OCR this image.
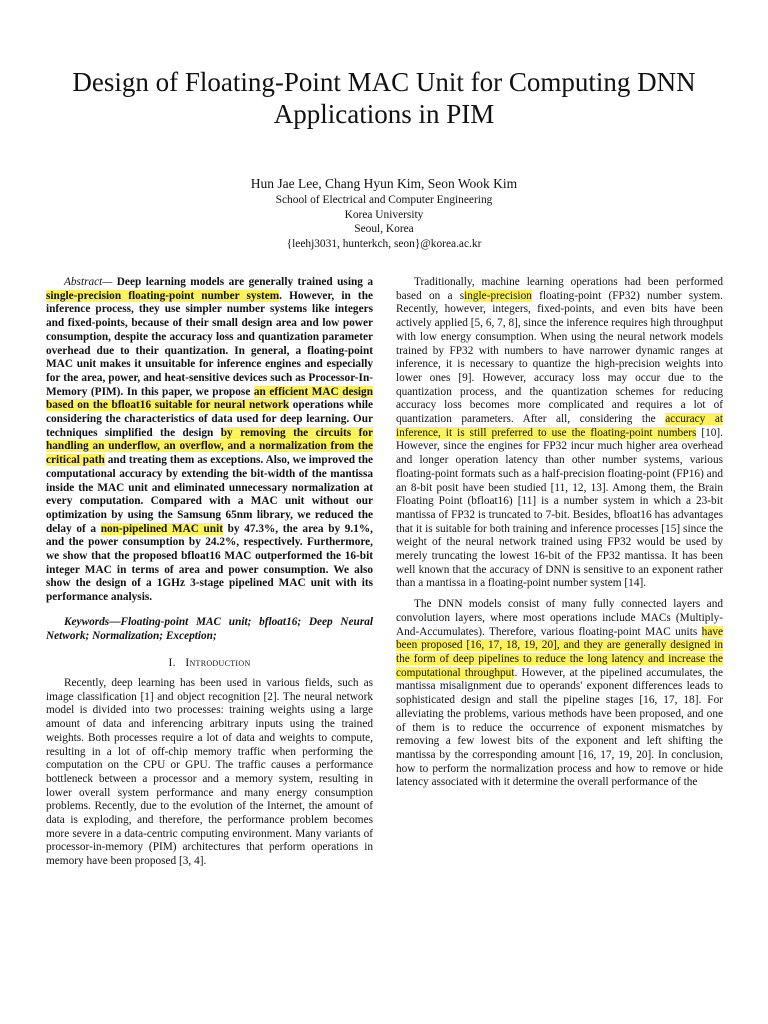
Design of Floating-Point MAC Unit for Computing DNN Applications in PIM
Hun Jae Lee, Chang Hyun Kim, Seon Wook Kim
School of Electrical and Computer Engineering
Korea University
Seoul, Korea
{leehj3031, hunterkch, seon}@korea.ac.kr

Abstract— Deep learning models are generally trained using a single-precision floating-point number system. However, in the inference process, they use simpler number systems like integers and fixed-points, because of their small design area and low power consumption, despite the accuracy loss and quantization parameter overhead due to their quantization. In general, a floating-point MAC unit makes it unsuitable for inference engines and especially for the area, power, and heat-sensitive devices such as Processor-In-Memory (PIM). In this paper, we propose an efficient MAC design based on the bfloat16 suitable for neural network operations while considering the characteristics of data used for deep learning. Our techniques simplified the design by removing the circuits for handling an underflow, an overflow, and a normalization from the critical path and treating them as exceptions. Also, we improved the computational accuracy by extending the bit-width of the mantissa inside the MAC unit and eliminated unnecessary normalization at every computation. Compared with a MAC unit without our optimization by using the Samsung 65nm library, we reduced the delay of a non-pipelined MAC unit by 47.3%, the area by 9.1%, and the power consumption by 24.2%, respectively. Furthermore, we show that the proposed bfloat16 MAC outperformed the 16-bit integer MAC in terms of area and power consumption. We also show the design of a 1GHz 3-stage pipelined MAC unit with its performance analysis.

Keywords—Floating-point MAC unit; bfloat16; Deep Neural Network; Normalization; Exception;

I. Introduction

Recently, deep learning has been used in various fields, such as image classification [1] and object recognition [2]. The neural network model is divided into two processes: training weights using a large amount of data and inferencing arbitrary inputs using the trained weights. Both processes require a lot of data and weights to compute, resulting in a lot of off-chip memory traffic when performing the computation on the CPU or GPU. The traffic causes a performance bottleneck between a processor and a memory system, resulting in lower overall system performance and many energy consumption problems. Recently, due to the evolution of the Internet, the amount of data is exploding, and therefore, the performance problem becomes more severe in a data-centric computing environment. Many variants of processor-in-memory (PIM) architectures that perform operations in memory have been proposed [3, 4].

Traditionally, machine learning operations had been performed based on a single-precision floating-point (FP32) number system. Recently, however, integers, fixed-points, and even bits have been actively applied [5, 6, 7, 8], since the inference requires high throughput with low energy consumption. When using the neural network models trained by FP32 with numbers to have narrower dynamic ranges at inference, it is necessary to quantize the high-precision weights into lower ones [9]. However, accuracy loss may occur due to the quantization process, and the quantization schemes for reducing accuracy loss becomes more complicated and requires a lot of quantization parameters. After all, considering the accuracy at inference, it is still preferred to use the floating-point numbers [10]. However, since the engines for FP32 incur much higher area overhead and longer operation latency than other number systems, various floating-point formats such as a half-precision floating-point (FP16) and an 8-bit posit have been studied [11, 12, 13]. Among them, the Brain Floating Point (bfloat16) [11] is a number system in which a 23-bit mantissa of FP32 is truncated to 7-bit. Besides, bfloat16 has advantages that it is suitable for both training and inference processes [15] since the weight of the neural network trained using FP32 would be used by merely truncating the lowest 16-bit of the FP32 mantissa. It has been well known that the accuracy of DNN is sensitive to an exponent rather than a mantissa in a floating-point number system [14].

The DNN models consist of many fully connected layers and convolution layers, where most operations include MACs (Multiply-And-Accumulates). Therefore, various floating-point MAC units have been proposed [16, 17, 18, 19, 20], and they are generally designed in the form of deep pipelines to reduce the long latency and increase the computational throughput. However, at the pipelined accumulates, the mantissa misalignment due to operands' exponent differences leads to sophisticated design and stall the pipeline stages [16, 17, 18]. For alleviating the problems, various methods have been proposed, and one of them is to reduce the occurrence of exponent mismatches by removing a few lowest bits of the exponent and left shifting the mantissa by the corresponding amount [16, 17, 19, 20]. In conclusion, how to perform the normalization process and how to remove or hide latency associated with it determine the overall performance of the
